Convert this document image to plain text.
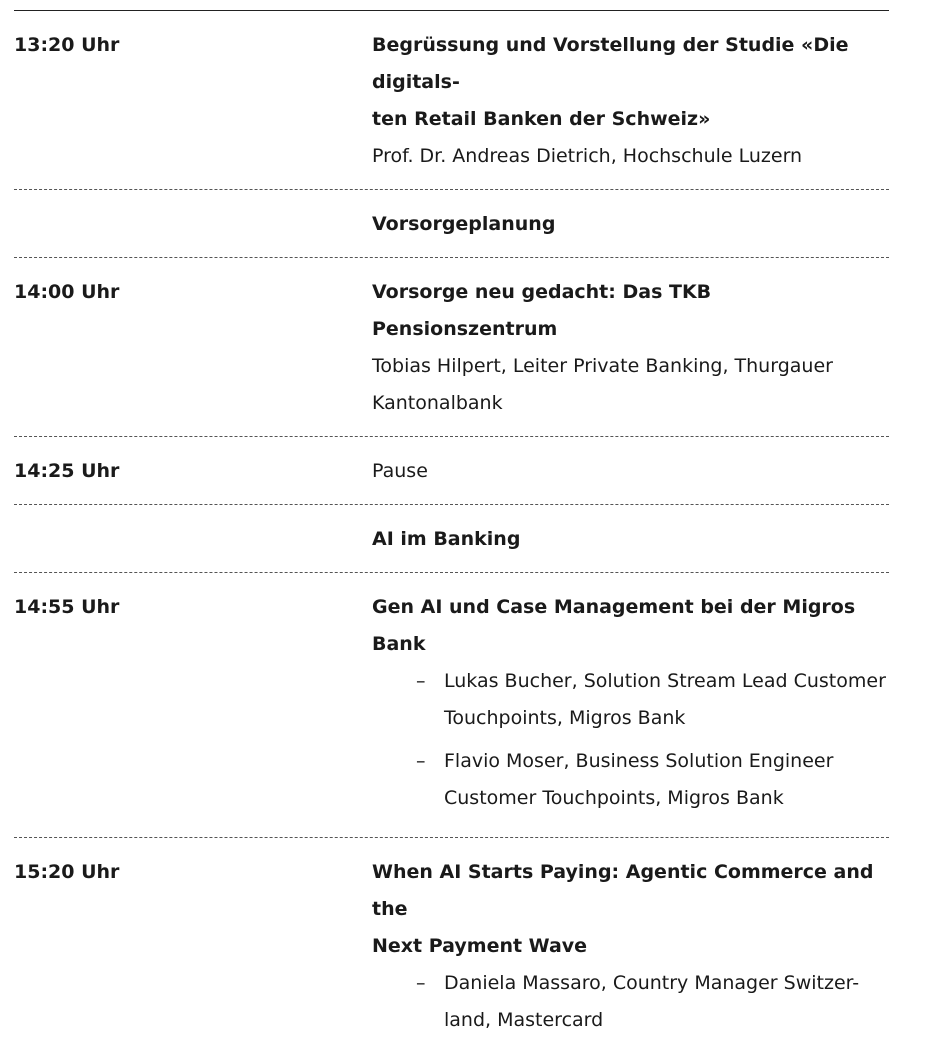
13:20 Uhr	Begrüssung und Vorstellung der Studie «Die digitals-
ten Retail Banken der Schweiz»
Prof. Dr. Andreas Dietrich, Hochschule Luzern
Vorsorgeplanung
14:00 Uhr	Vorsorge neu gedacht: Das TKB Pensionszentrum
Tobias Hilpert, Leiter Private Banking, Thurgauer
Kantonalbank
14:25 Uhr	Pause
AI im Banking
14:55 Uhr	Gen AI und Case Management bei der Migros Bank
– Lukas Bucher, Solution Stream Lead Customer
Touchpoints, Migros Bank
– Flavio Moser, Business Solution Engineer
Customer Touchpoints, Migros Bank
15:20 Uhr	When AI Starts Paying: Agentic Commerce and the
Next Payment Wave
– Daniela Massaro, Country Manager Switzer-
land, Mastercard
